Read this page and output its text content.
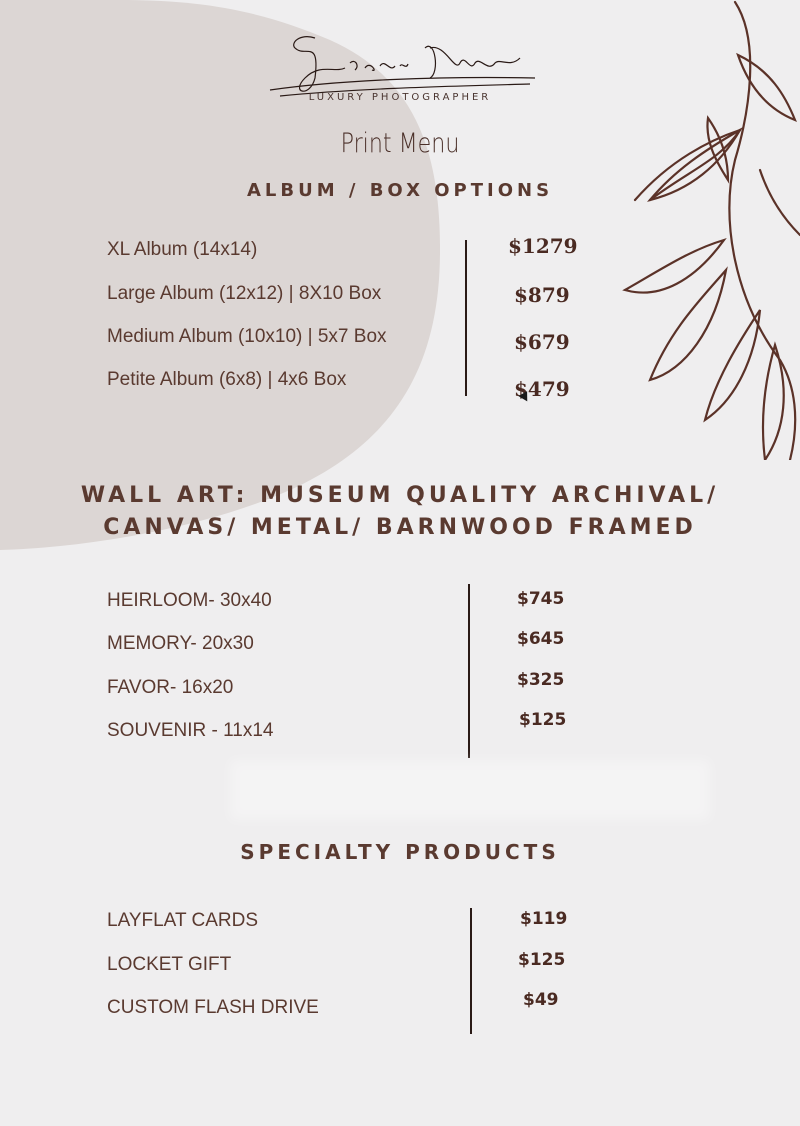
LUXURY PHOTOGRAPHER
Print Menu
ALBUM / BOX OPTIONS
XL Album (14x14)
Large Album (12x12) | 8X10 Box
Medium Album (10x10) | 5x7 Box
Petite Album (6x8) | 4x6 Box
$1279
$879
$679
$479
WALL ART: MUSEUM QUALITY ARCHIVAL/
CANVAS/ METAL/ BARNWOOD FRAMED
HEIRLOOM- 30x40
MEMORY- 20x30
FAVOR- 16x20
SOUVENIR - 11x14
$745
$645
$325
$125
SPECIALTY PRODUCTS
LAYFLAT CARDS
LOCKET GIFT
CUSTOM FLASH DRIVE
$119
$125
$49
